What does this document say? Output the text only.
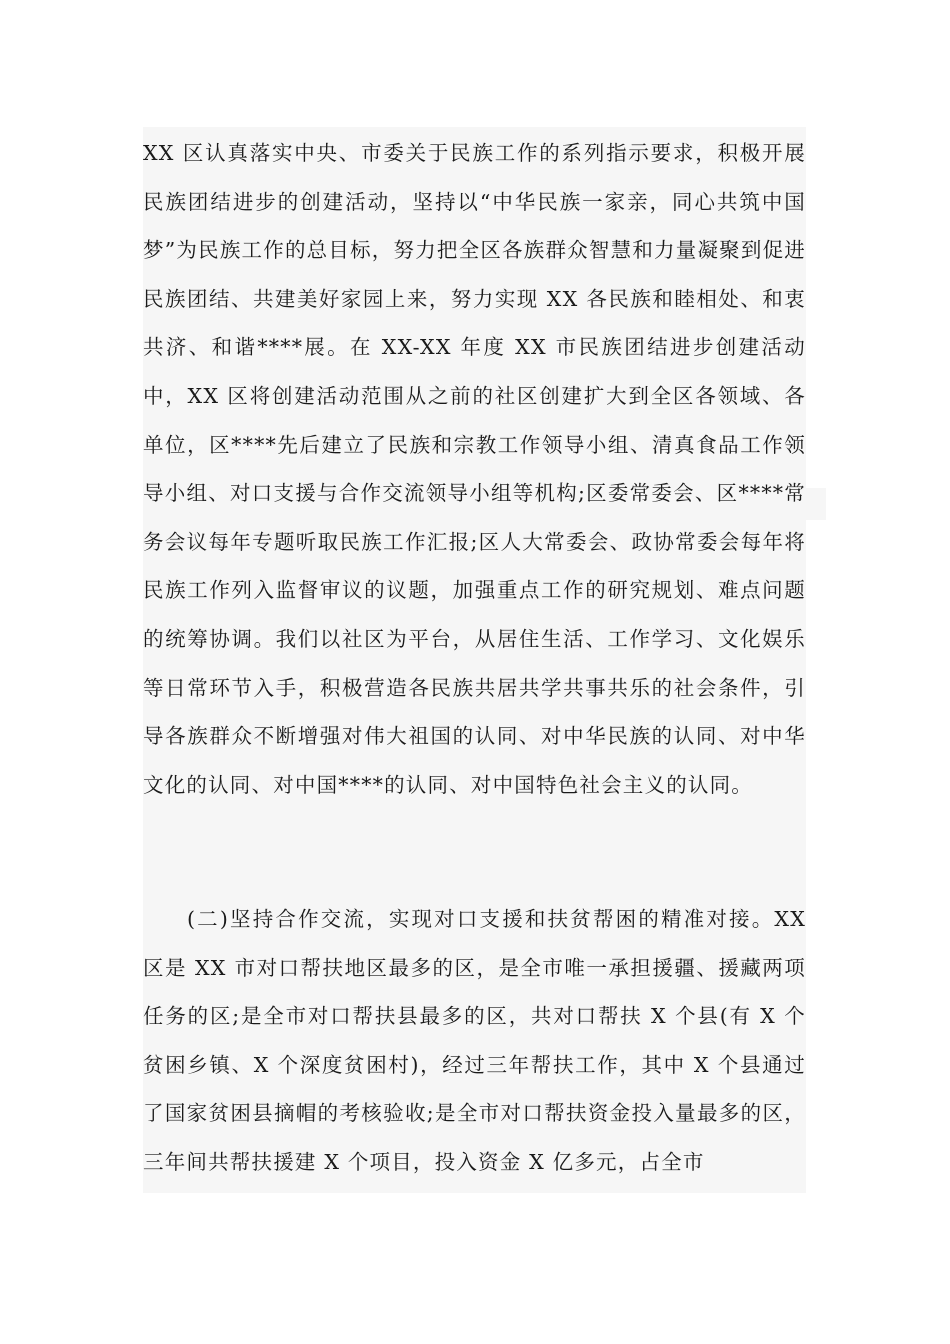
XX 区认真落实中央、市委关于民族工作的系列指示要求，积极开展民族团结进步的创建活动，坚持以“中华民族一家亲，同心共筑中国梦”为民族工作的总目标，努力把全区各族群众智慧和力量凝聚到促进民族团结、共建美好家园上来，努力实现 XX 各民族和睦相处、和衷共济、和谐****展。在 XX-XX 年度 XX 市民族团结进步创建活动中，XX 区将创建活动范围从之前的社区创建扩大到全区各领域、各单位，区****先后建立了民族和宗教工作领导小组、清真食品工作领导小组、对口支援与合作交流领导小组等机构;区委常委会、区****常务会议每年专题听取民族工作汇报;区人大常委会、政协常委会每年将民族工作列入监督审议的议题，加强重点工作的研究规划、难点问题的统筹协调。我们以社区为平台，从居住生活、工作学习、文化娱乐等日常环节入手，积极营造各民族共居共学共事共乐的社会条件，引导各族群众不断增强对伟大祖国的认同、对中华民族的认同、对中华文化的认同、对中国****的认同、对中国特色社会主义的认同。

(二)坚持合作交流，实现对口支援和扶贫帮困的精准对接。XX 区是 XX 市对口帮扶地区最多的区，是全市唯一承担援疆、援藏两项任务的区;是全市对口帮扶县最多的区，共对口帮扶 X 个县(有 X 个贫困乡镇、X 个深度贫困村)，经过三年帮扶工作，其中 X 个县通过了国家贫困县摘帽的考核验收;是全市对口帮扶资金投入量最多的区，三年间共帮扶援建 X 个项目，投入资金 X 亿多元，占全市
